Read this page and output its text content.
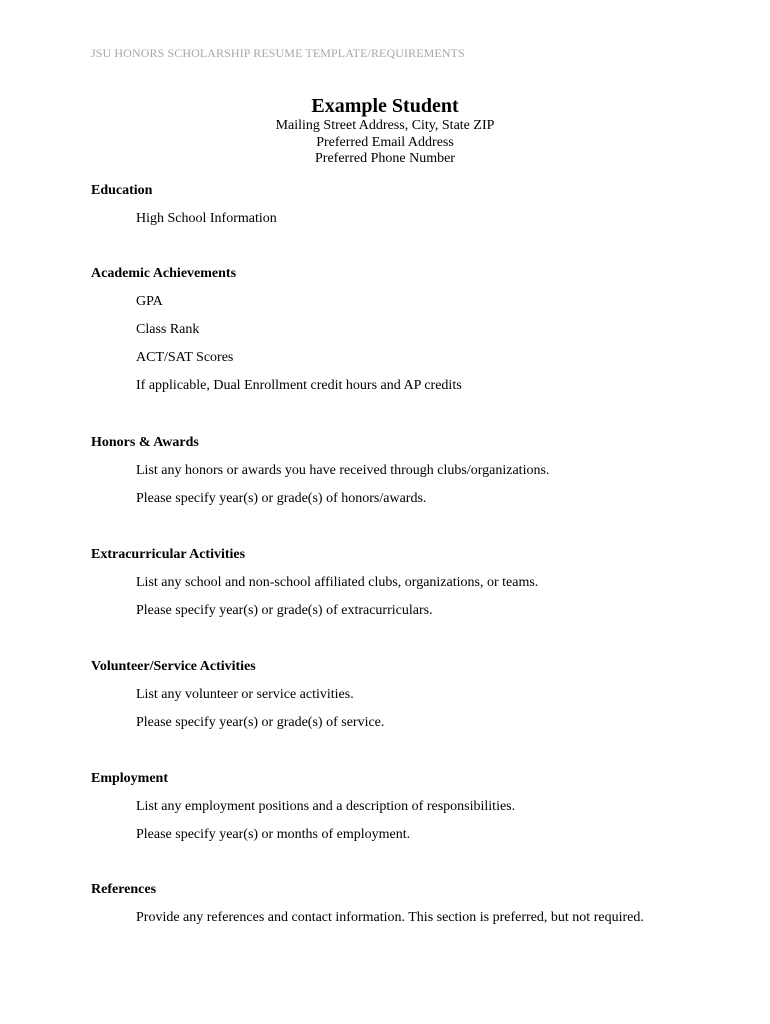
JSU HONORS SCHOLARSHIP RESUME TEMPLATE/REQUIREMENTS

Example Student

Mailing Street Address, City, State ZIP

Preferred Email Address

Preferred Phone Number

Education

High School Information

Academic Achievements

GPA

Class Rank

ACT/SAT Scores

If applicable, Dual Enrollment credit hours and AP credits

Honors & Awards

List any honors or awards you have received through clubs/organizations.

Please specify year(s) or grade(s) of honors/awards.

Extracurricular Activities

List any school and non-school affiliated clubs, organizations, or teams.

Please specify year(s) or grade(s) of extracurriculars.

Volunteer/Service Activities

List any volunteer or service activities.

Please specify year(s) or grade(s) of service.

Employment

List any employment positions and a description of responsibilities.

Please specify year(s) or months of employment.

References

Provide any references and contact information. This section is preferred, but not required.
